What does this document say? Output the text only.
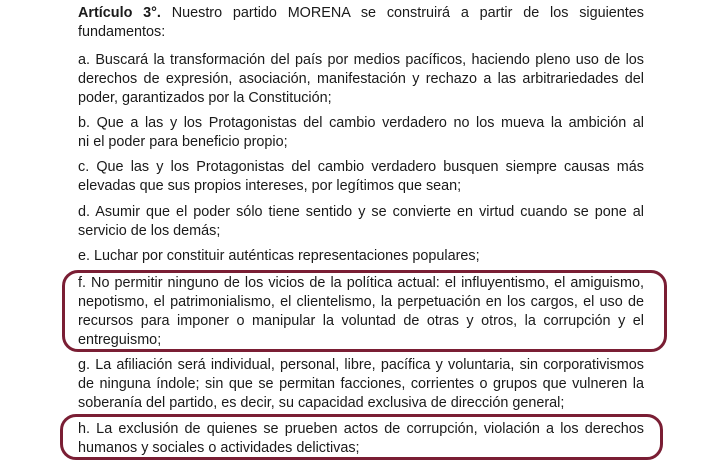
Artículo 3°. Nuestro partido MORENA se construirá a partir de los siguientes
fundamentos:
a. Buscará la transformación del país por medios pacíficos, haciendo pleno uso de los
derechos de expresión, asociación, manifestación y rechazo a las arbitrariedades del
poder, garantizados por la Constitución;
b. Que a las y los Protagonistas del cambio verdadero no los mueva la ambición al
ni el poder para beneficio propio;
c. Que las y los Protagonistas del cambio verdadero busquen siempre causas más
elevadas que sus propios intereses, por legítimos que sean;
d. Asumir que el poder sólo tiene sentido y se convierte en virtud cuando se pone al
servicio de los demás;
e. Luchar por constituir auténticas representaciones populares;
f. No permitir ninguno de los vicios de la política actual: el influyentismo, el amiguismo,
nepotismo, el patrimonialismo, el clientelismo, la perpetuación en los cargos, el uso de
recursos para imponer o manipular la voluntad de otras y otros, la corrupción y el
entreguismo;
g. La afiliación será individual, personal, libre, pacífica y voluntaria, sin corporativismos
de ninguna índole; sin que se permitan facciones, corrientes o grupos que vulneren la
soberanía del partido, es decir, su capacidad exclusiva de dirección general;
h. La exclusión de quienes se prueben actos de corrupción, violación a los derechos
humanos y sociales o actividades delictivas;
